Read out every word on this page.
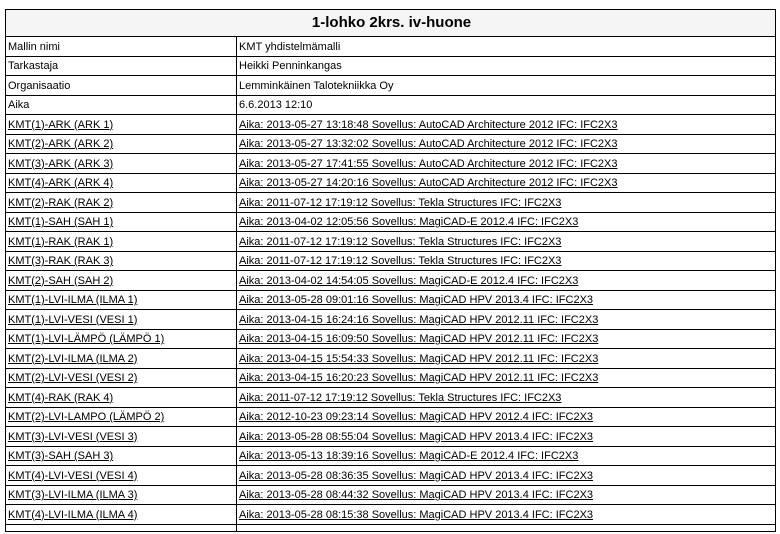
1-lohko 2krs. iv-huone	
Mallin nimi	KMT yhdistelmämalli
Tarkastaja	Heikki Penninkangas
Organisaatio	Lemminkäinen Talotekniikka Oy
Aika	6.6.2013 12:10
KMT(1)-ARK (ARK 1)	Aika: 2013-05-27 13:18:48 Sovellus: AutoCAD Architecture 2012 IFC: IFC2X3
KMT(2)-ARK (ARK 2)	Aika: 2013-05-27 13:32:02 Sovellus: AutoCAD Architecture 2012 IFC: IFC2X3
KMT(3)-ARK (ARK 3)	Aika: 2013-05-27 17:41:55 Sovellus: AutoCAD Architecture 2012 IFC: IFC2X3
KMT(4)-ARK (ARK 4)	Aika: 2013-05-27 14:20:16 Sovellus: AutoCAD Architecture 2012 IFC: IFC2X3
KMT(2)-RAK (RAK 2)	Aika: 2011-07-12 17:19:12 Sovellus: Tekla Structures IFC: IFC2X3
KMT(1)-SAH (SAH 1)	Aika: 2013-04-02 12:05:56 Sovellus: MagiCAD-E 2012.4 IFC: IFC2X3
KMT(1)-RAK (RAK 1)	Aika: 2011-07-12 17:19:12 Sovellus: Tekla Structures IFC: IFC2X3
KMT(3)-RAK (RAK 3)	Aika: 2011-07-12 17:19:12 Sovellus: Tekla Structures IFC: IFC2X3
KMT(2)-SAH (SAH 2)	Aika: 2013-04-02 14:54:05 Sovellus: MagiCAD-E 2012.4 IFC: IFC2X3
KMT(1)-LVI-ILMA (ILMA 1)	Aika: 2013-05-28 09:01:16 Sovellus: MagiCAD HPV 2013.4 IFC: IFC2X3
KMT(1)-LVI-VESI (VESI 1)	Aika: 2013-04-15 16:24:16 Sovellus: MagiCAD HPV 2012.11 IFC: IFC2X3
KMT(1)-LVI-LÄMPÖ (LÄMPÖ 1)	Aika: 2013-04-15 16:09:50 Sovellus: MagiCAD HPV 2012.11 IFC: IFC2X3
KMT(2)-LVI-ILMA (ILMA 2)	Aika: 2013-04-15 15:54:33 Sovellus: MagiCAD HPV 2012.11 IFC: IFC2X3
KMT(2)-LVI-VESI (VESI 2)	Aika: 2013-04-15 16:20:23 Sovellus: MagiCAD HPV 2012.11 IFC: IFC2X3
KMT(4)-RAK (RAK 4)	Aika: 2011-07-12 17:19:12 Sovellus: Tekla Structures IFC: IFC2X3
KMT(2)-LVI-LAMPO (LÄMPÖ 2)	Aika: 2012-10-23 09:23:14 Sovellus: MagiCAD HPV 2012.4 IFC: IFC2X3
KMT(3)-LVI-VESI (VESI 3)	Aika: 2013-05-28 08:55:04 Sovellus: MagiCAD HPV 2013.4 IFC: IFC2X3
KMT(3)-SAH (SAH 3)	Aika: 2013-05-13 18:39:16 Sovellus: MagiCAD-E 2012.4 IFC: IFC2X3
KMT(4)-LVI-VESI (VESI 4)	Aika: 2013-05-28 08:36:35 Sovellus: MagiCAD HPV 2013.4 IFC: IFC2X3
KMT(3)-LVI-ILMA (ILMA 3)	Aika: 2013-05-28 08:44:32 Sovellus: MagiCAD HPV 2013.4 IFC: IFC2X3
KMT(4)-LVI-ILMA (ILMA 4)	Aika: 2013-05-28 08:15:38 Sovellus: MagiCAD HPV 2013.4 IFC: IFC2X3
